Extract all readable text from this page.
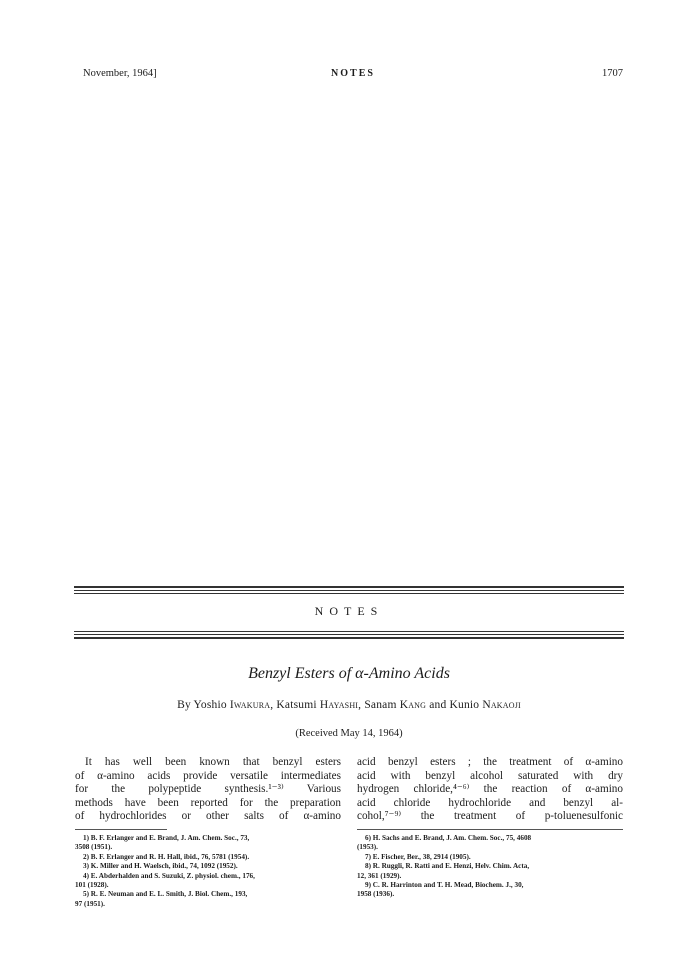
November, 1964]	NOTES	1707
NOTES
Benzyl Esters of α-Amino Acids
By Yoshio Iwakura, Katsumi Hayashi, Sanam Kang and Kunio Nakaoji
(Received May 14, 1964)
It has well been known that benzyl esters
of α-amino acids provide versatile intermediates
for the polypeptide synthesis.¹⁻³⁾ Various
methods have been reported for the preparation
of hydrochlorides or other salts of α-amino
acid benzyl esters ; the treatment of α-amino
acid with benzyl alcohol saturated with dry
hydrogen chloride,⁴⁻⁶⁾ the reaction of α-amino
acid chloride hydrochloride and benzyl al-
cohol,⁷⁻⁹⁾ the treatment of p-toluenesulfonic
1) B. F. Erlanger and E. Brand, J. Am. Chem. Soc., 73,
3508 (1951).
2) B. F. Erlanger and R. H. Hall, ibid., 76, 5781 (1954).
3) K. Miller and H. Waelsch, ibid., 74, 1092 (1952).
4) E. Abderhalden and S. Suzuki, Z. physiol. chem., 176,
101 (1928).
5) R. E. Neuman and E. L. Smith, J. Biol. Chem., 193,
97 (1951).
6) H. Sachs and E. Brand, J. Am. Chem. Soc., 75, 4608
(1953).
7) E. Fischer, Ber., 38, 2914 (1905).
8) R. Ruggli, R. Ratti and E. Henzi, Helv. Chim. Acta,
12, 361 (1929).
9) C. R. Harrinton and T. H. Mead, Biochem. J., 30,
1958 (1936).
